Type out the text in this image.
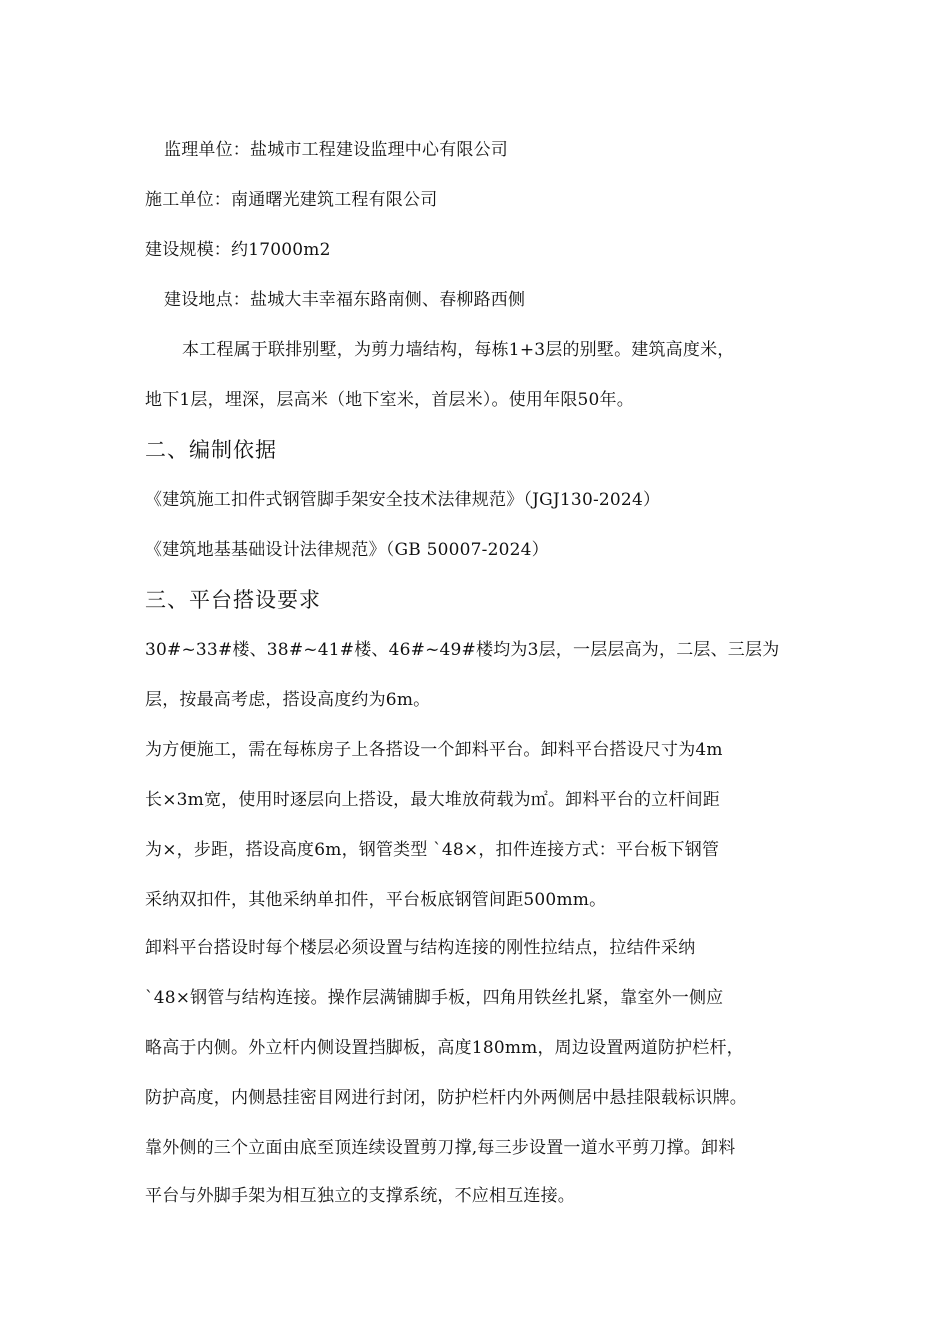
监理单位：盐城市工程建设监理中心有限公司
施工单位：南通曙光建筑工程有限公司
建设规模：约17000m2
建设地点：盐城大丰幸福东路南侧、春柳路西侧
本工程属于联排别墅，为剪力墙结构，每栋1+3层的别墅。建筑高度米，
地下1层，埋深，层高米（地下室米，首层米）。使用年限50年。
二、编制依据
《建筑施工扣件式钢管脚手架安全技术法律规范》（JGJ130-2024）
《建筑地基基础设计法律规范》（GB 50007-2024）
三、平台搭设要求
30#~33#楼、38#~41#楼、46#~49#楼均为3层，一层层高为，二层、三层为
层，按最高考虑，搭设高度约为6m。
为方便施工，需在每栋房子上各搭设一个卸料平台。卸料平台搭设尺寸为4m
长×3m宽，使用时逐层向上搭设，最大堆放荷载为㎡。卸料平台的立杆间距
为×，步距，搭设高度6m，钢管类型 ˋ48×，扣件连接方式：平台板下钢管
采纳双扣件，其他采纳单扣件，平台板底钢管间距500mm。
卸料平台搭设时每个楼层必须设置与结构连接的刚性拉结点，拉结件采纳
ˋ48×钢管与结构连接。操作层满铺脚手板，四角用铁丝扎紧，靠室外一侧应
略高于内侧。外立杆内侧设置挡脚板，高度180mm，周边设置两道防护栏杆，
防护高度，内侧悬挂密目网进行封闭，防护栏杆内外两侧居中悬挂限载标识牌。
靠外侧的三个立面由底至顶连续设置剪刀撑,每三步设置一道水平剪刀撑。卸料
平台与外脚手架为相互独立的支撑系统，不应相互连接。
